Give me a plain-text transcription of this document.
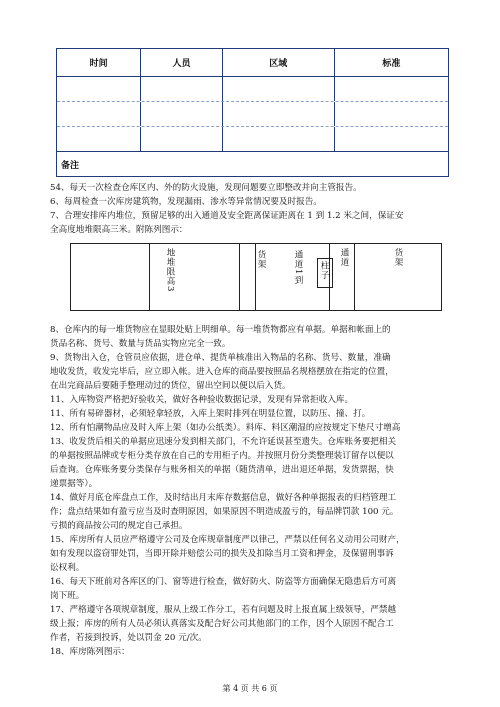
时间	人员	区域	标准
备注
54、每天一次检查仓库区内、外的防火设施，发现问题要立即整改并向主管报告。
6、每周检查一次库房建筑物，发现漏雨、渗水等异常情况要及时报告。
7、合理安排库内堆位，预留足够的出入通道及安全距离保证距离在 1 到 1.2 米之间，保证安
全高度地堆限高三米。附陈列图示：
地堆限高3	货架	通道1到 柱子
通道	货架
8、仓库内的每一堆货物应在显眼处贴上明细单。每一堆货物都应有单据。单据和帐面上的
货品名称、货号、数量与货品实物应完全一致。
9、货物出入仓，仓管员应依据，进仓单、提货单核准出入物品的名称、货号、数量，准确
地收发货，收发完毕后，应立即入帐。进入仓库的商品要按照品名规格摆放在指定的位置，
在出完商品后要随手整理动过的货位，留出空间以便以后入货。
11、入库物资严格把好验收关，做好各种验收数据记录，发现有异常拒收入库。
11、所有易碎器材，必须轻拿轻放，入库上架时排列在明显位置，以防压、撞、打。
12、所有怕潮物品应及时入库上架（如办公纸类）。料库、料区潮湿的应按规定下垫尺寸增高
13、收发货后相关的单据应迅速分发到相关部门，不允许延误甚至遗失。仓库账务要把相关
的单据按照品牌或专柜分类存放在自己的专用柜子内。并按照月份分类整理装订留存以便以
后查询。仓库账务要分类保存与账务相关的单据（随货清单，进出退还单据，发货票据，快
递票据等）。
14、做好月底仓库盘点工作，及时结出月末库存数据信息，做好各种单据报表的归档管理工
作；盘点结果如有盈亏应当及时查明原因，如果原因不明造成盈亏的，每品牌罚款 100 元。
亏损的商品按公司的规定自己承担。
15、库房所有人员应严格遵守公司及仓库规章制度严以律己，严禁以任何名义动用公司财产，
如有发现以盗窃罪处罚，当即开除并赔偿公司的损失及扣除当月工资和押金，及保留刑事诉
讼权利。
16、每天下班前对各库区的门、窗等进行检查，做好防火、防盗等方面确保无隐患后方可离
岗下班。
17、严格遵守各项规章制度，服从上级工作分工，若有问题及时上报直属上级领导，严禁越
级上报；库房的所有人员必须认真落实及配合好公司其他部门的工作，因个人原因不配合工
作者，若接到投诉，处以罚金 20 元/次。
18、库房陈列图示：
第 4 页 共 6 页
